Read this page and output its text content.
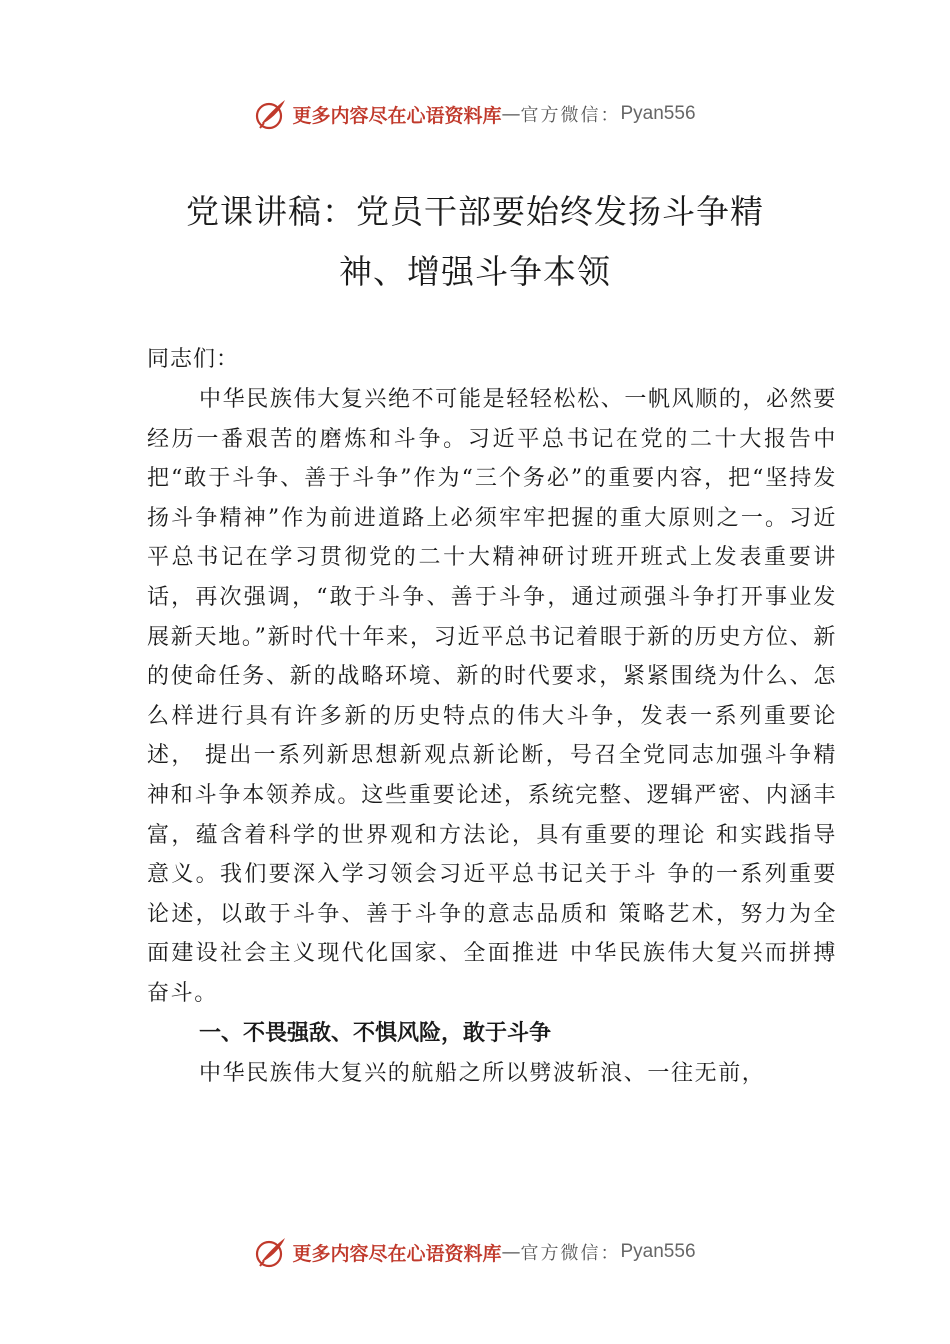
更多内容尽在心语资料库 — 官方微信： Pyan556
党课讲稿：党员干部要始终发扬斗争精
神、增强斗争本领

同志们：

中华民族伟大复兴绝不可能是轻轻松松、一帆风顺的，必然要经历一番艰苦的磨炼和斗争。习近平总书记在党的二十大报告中把“敢于斗争、善于斗争”作为“三个务必”的重要内容，把“坚持发扬斗争精神”作为前进道路上必须牢牢把握的重大原则之一。习近平总书记在学习贯彻党的二十大精神研讨班开班式上发表重要讲话，再次强调，“敢于斗争、善于斗争，通过顽强斗争打开事业发展新天地。”新时代十年来，习近平总书记着眼于新的历史方位、新的使命任务、新的战略环境、新的时代要求，紧紧围绕为什么、怎么样进行具有许多新的历史特点的伟大斗争，发表一系列重要论述， 提出一系列新思想新观点新论断，号召全党同志加强斗争精神和斗争本领养成。这些重要论述，系统完整、逻辑严密、内涵丰富，蕴含着科学的世界观和方法论，具有重要的理论 和实践指导意义。我们要深入学习领会习近平总书记关于斗 争的一系列重要论述，以敢于斗争、善于斗争的意志品质和 策略艺术，努力为全面建设社会主义现代化国家、全面推进 中华民族伟大复兴而拼搏奋斗。

一、不畏强敌、不惧风险，敢于斗争

中华民族伟大复兴的航船之所以劈波斩浪、一往无前，

更多内容尽在心语资料库 — 官方微信： Pyan556
